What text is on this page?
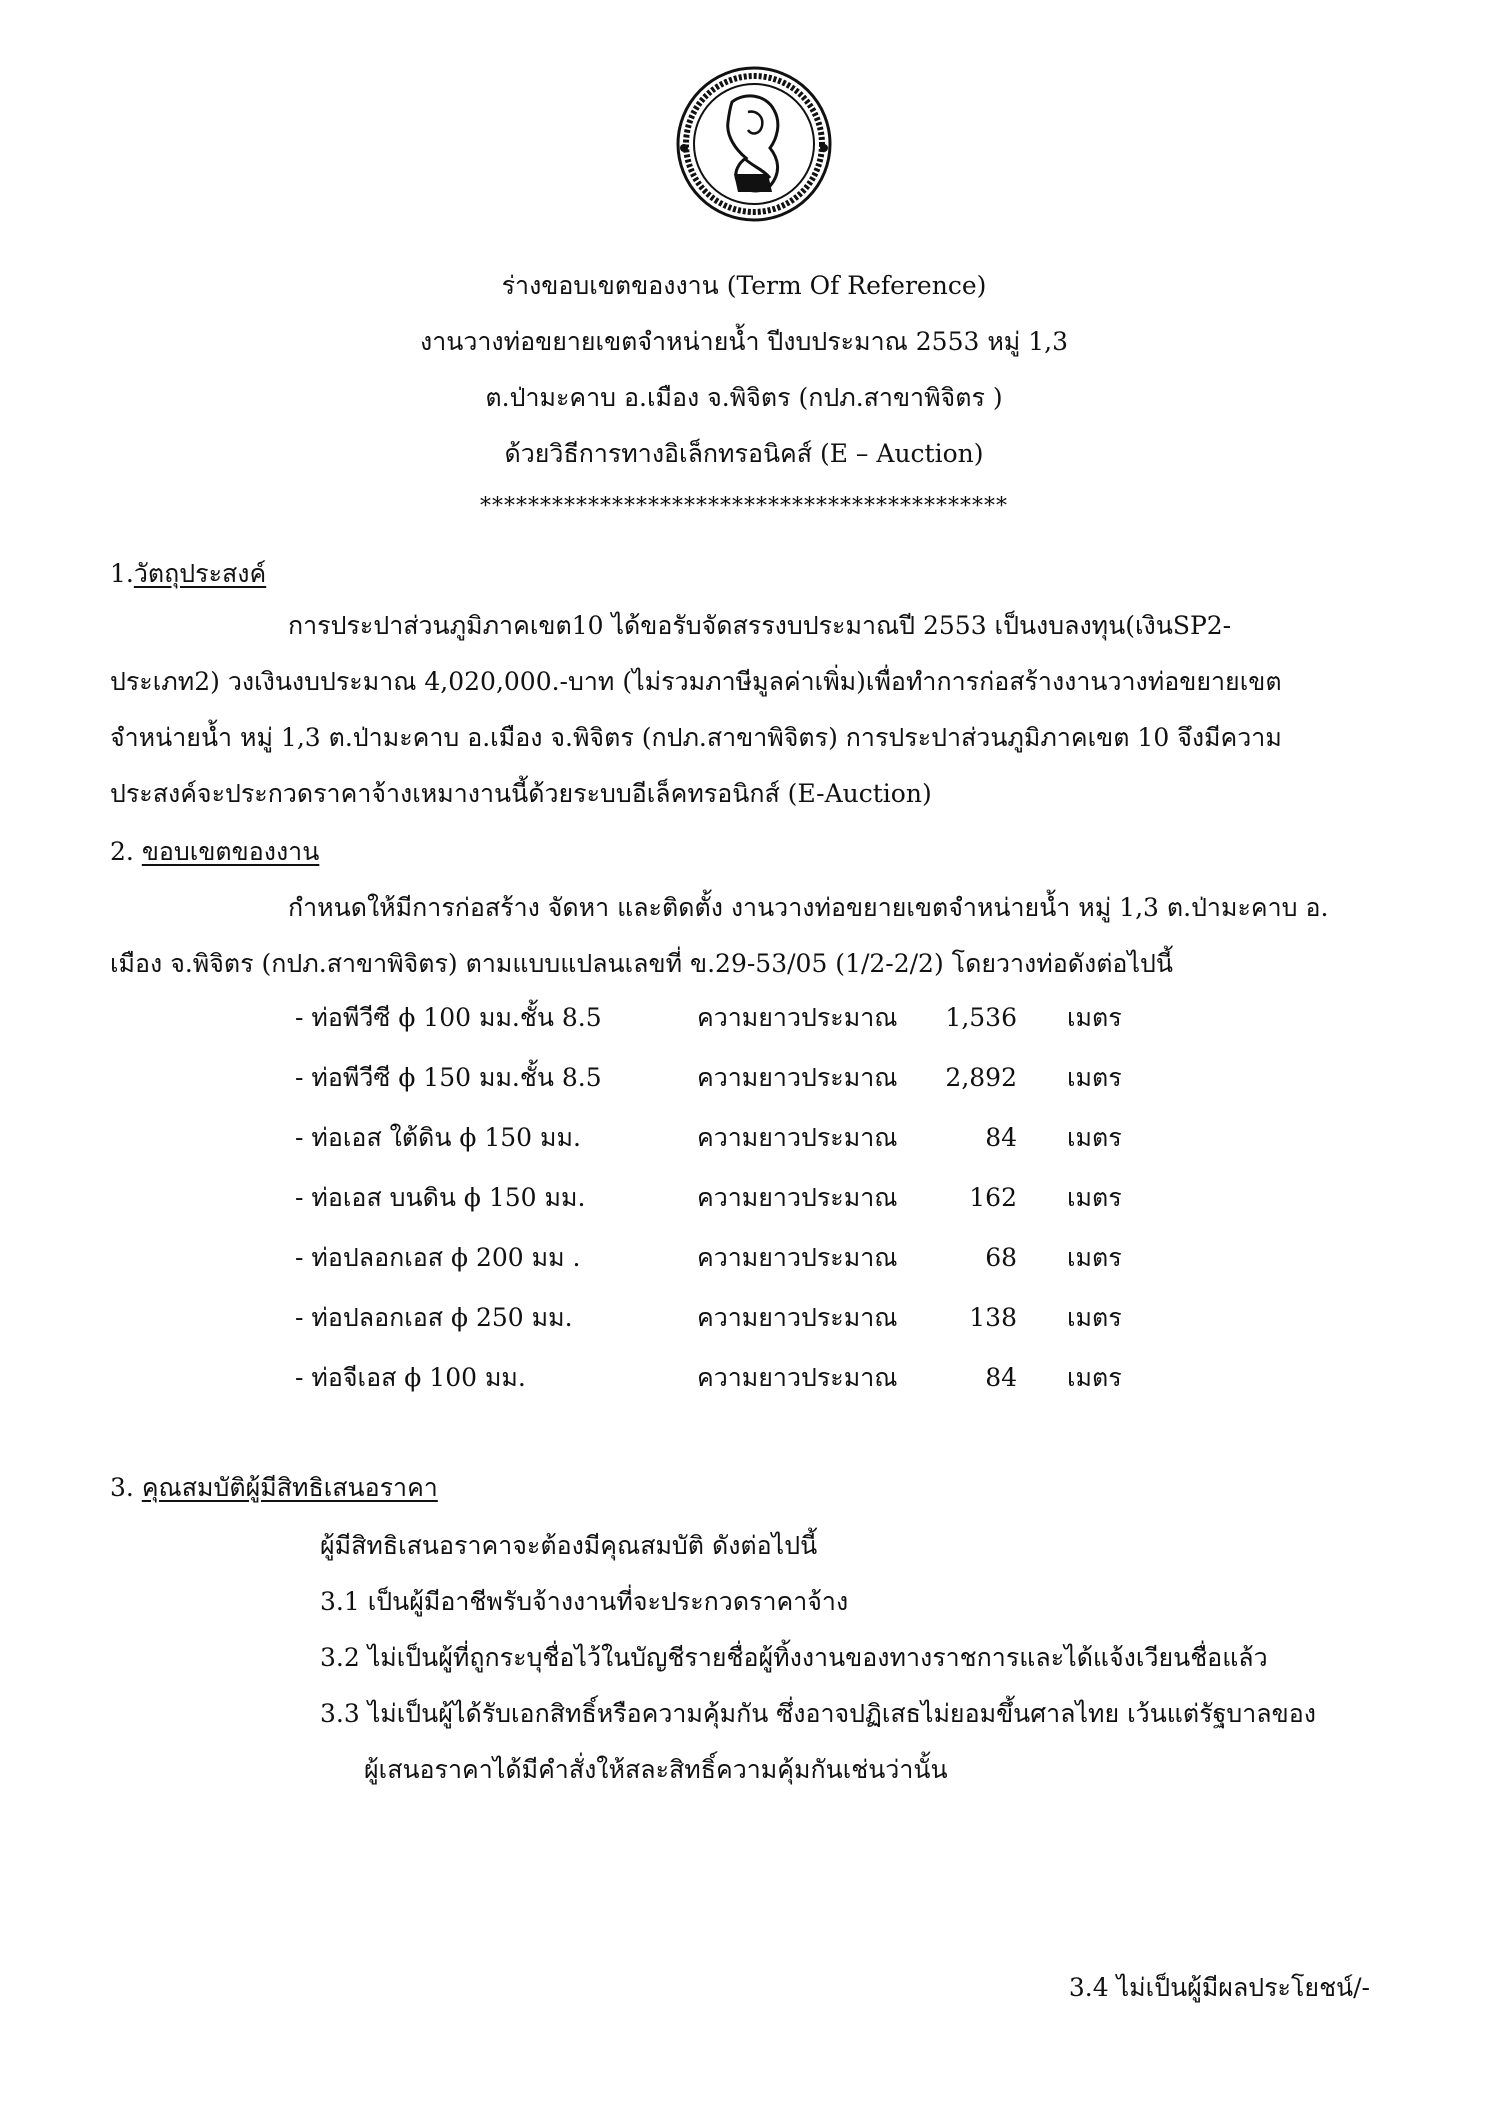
ร่างขอบเขตของงาน (Term Of Reference)
งานวางท่อขยายเขตจำหน่ายน้ำ ปีงบประมาณ 2553 หมู่ 1,3
ต.ป่ามะคาบ อ.เมือง จ.พิจิตร (กปภ.สาขาพิจิตร )
ด้วยวิธีการทางอิเล็กทรอนิคส์ (E – Auction)
********************************************
1.วัตถุประสงค์
การประปาส่วนภูมิภาคเขต10 ได้ขอรับจัดสรรงบประมาณปี 2553 เป็นงบลงทุน(เงินSP2-
ประเภท2) วงเงินงบประมาณ 4,020,000.-บาท (ไม่รวมภาษีมูลค่าเพิ่ม)เพื่อทำการก่อสร้างงานวางท่อขยายเขต
จำหน่ายน้ำ หมู่ 1,3 ต.ป่ามะคาบ อ.เมือง จ.พิจิตร (กปภ.สาขาพิจิตร) การประปาส่วนภูมิภาคเขต 10 จึงมีความ
ประสงค์จะประกวดราคาจ้างเหมางานนี้ด้วยระบบอีเล็คทรอนิกส์ (E-Auction)
2. ขอบเขตของงาน
กำหนดให้มีการก่อสร้าง จัดหา และติดตั้ง งานวางท่อขยายเขตจำหน่ายน้ำ หมู่ 1,3 ต.ป่ามะคาบ อ.
เมือง จ.พิจิตร (กปภ.สาขาพิจิตร) ตามแบบแปลนเลขที่ ข.29-53/05 (1/2-2/2) โดยวางท่อดังต่อไปนี้
- ท่อพีวีซี ϕ 100 มม.ชั้น 8.5	ความยาวประมาณ	1,536 เมตร
- ท่อพีวีซี ϕ 150 มม.ชั้น 8.5	ความยาวประมาณ	2,892 เมตร
- ท่อเอส ใต้ดิน ϕ 150 มม.	ความยาวประมาณ	84 เมตร
- ท่อเอส บนดิน ϕ 150 มม.	ความยาวประมาณ	162 เมตร
- ท่อปลอกเอส ϕ 200 มม .	ความยาวประมาณ	68 เมตร
- ท่อปลอกเอส ϕ 250 มม.	ความยาวประมาณ	138 เมตร
- ท่อจีเอส ϕ 100 มม.	ความยาวประมาณ	84 เมตร
3. คุณสมบัติผู้มีสิทธิเสนอราคา
ผู้มีสิทธิเสนอราคาจะต้องมีคุณสมบัติ ดังต่อไปนี้
3.1 เป็นผู้มีอาชีพรับจ้างงานที่จะประกวดราคาจ้าง
3.2 ไม่เป็นผู้ที่ถูกระบุชื่อไว้ในบัญชีรายชื่อผู้ทิ้งงานของทางราชการและได้แจ้งเวียนชื่อแล้ว
3.3 ไม่เป็นผู้ได้รับเอกสิทธิ์หรือความคุ้มกัน ซึ่งอาจปฏิเสธไม่ยอมขึ้นศาลไทย เว้นแต่รัฐบาลของ
ผู้เสนอราคาได้มีคำสั่งให้สละสิทธิ์ความคุ้มกันเช่นว่านั้น
3.4 ไม่เป็นผู้มีผลประโยชน์/-
